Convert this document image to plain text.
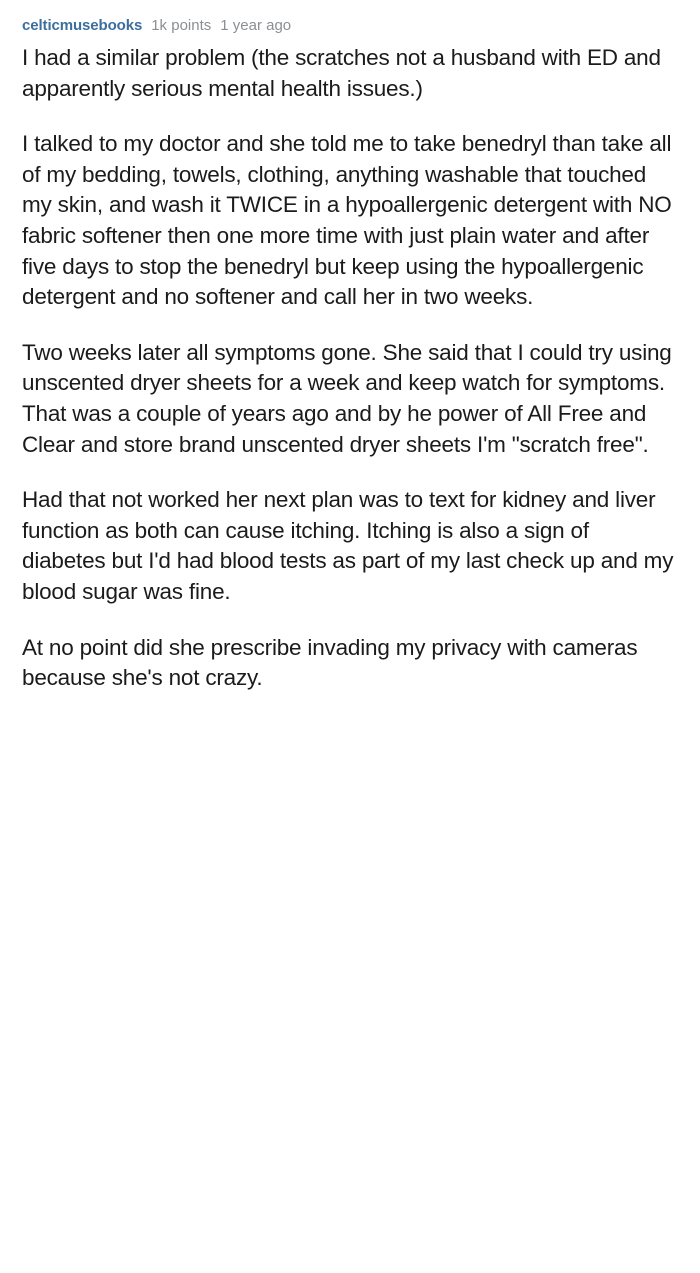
celticmusebooks 1k points 1 year ago

I had a similar problem (the scratches not a husband with ED and apparently serious mental health issues.)

I talked to my doctor and she told me to take benedryl than take all of my bedding, towels, clothing, anything washable that touched my skin, and wash it TWICE in a hypoallergenic detergent with NO fabric softener then one more time with just plain water and after five days to stop the benedryl but keep using the hypoallergenic detergent and no softener and call her in two weeks.

Two weeks later all symptoms gone. She said that I could try using unscented dryer sheets for a week and keep watch for symptoms. That was a couple of years ago and by he power of All Free and Clear and store brand unscented dryer sheets I'm "scratch free".

Had that not worked her next plan was to text for kidney and liver function as both can cause itching. Itching is also a sign of diabetes but I'd had blood tests as part of my last check up and my blood sugar was fine.

At no point did she prescribe invading my privacy with cameras because she's not crazy.
